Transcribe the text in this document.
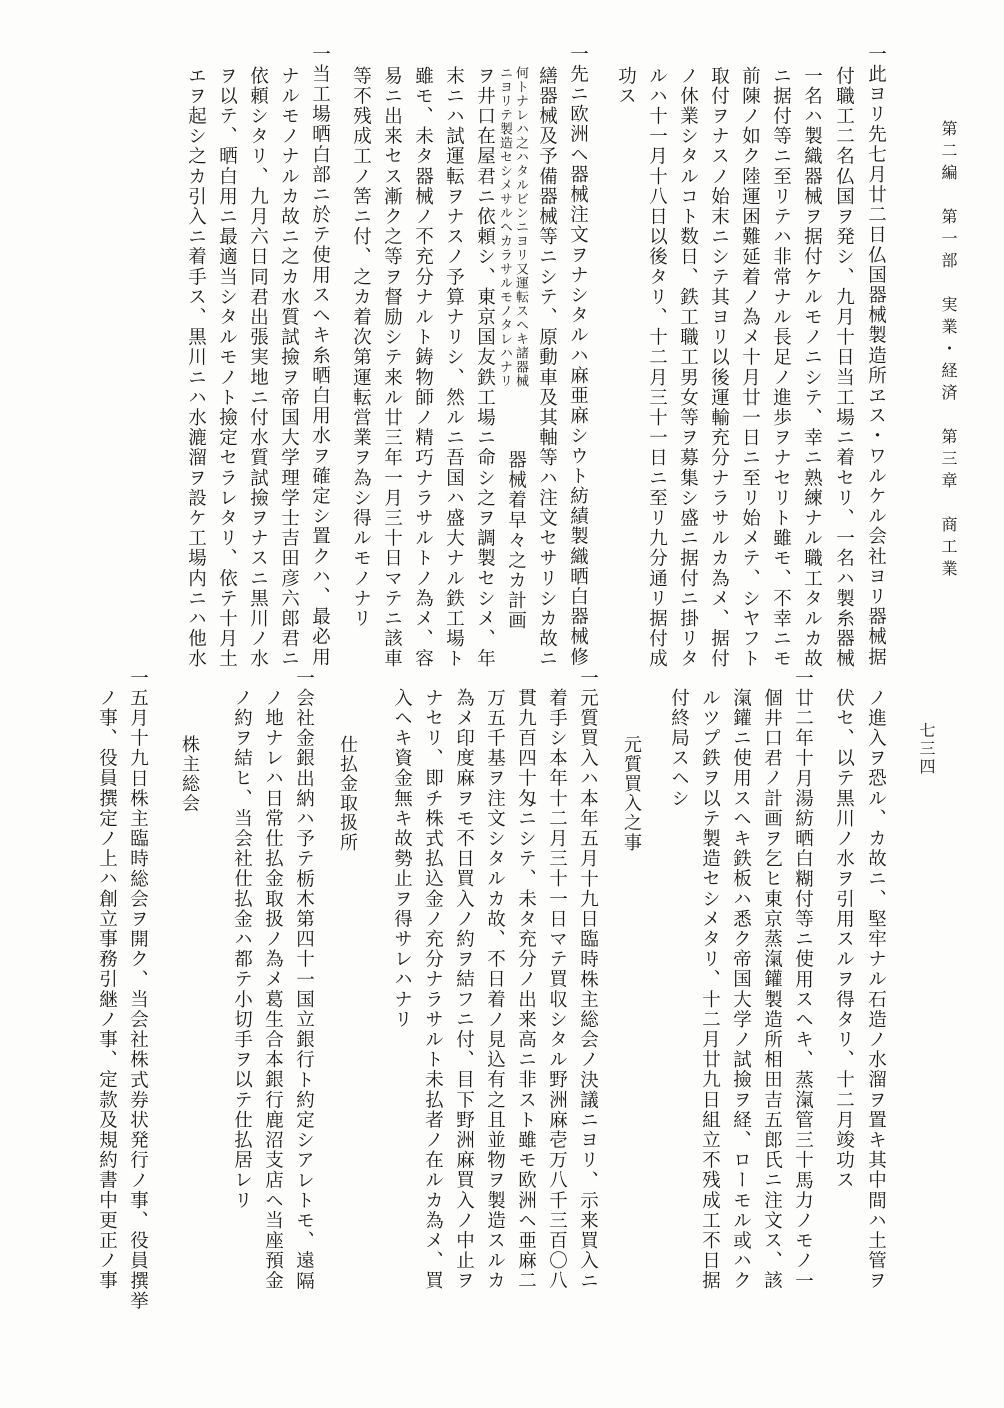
第二編　第一部　実業・経済　第三章　商工業
七三四
一此ヨリ先七月廿二日仏国器械製造所ヱス・ワルケル会社ヨリ器械据
付職工二名仏国ヲ発シ、九月十日当工場ニ着セリ、一名ハ製糸器械
一名ハ製織器械ヲ据付ケルモノニシテ、幸ニ熟練ナル職工タルカ故
ニ据付等ニ至リテハ非常ナル長足ノ進歩ヲナセリト雖モ、不幸ニモ
前陳ノ如ク陸運困難延着ノ為メ十月廿一日ニ至リ始メテ、シヤフト
取付ヲナスノ始末ニシテ其ヨリ以後運輸充分ナラサルカ為メ、据付
ノ休業シタルコト数日、鉄工職工男女等ヲ募集シ盛ニ据付ニ掛リタ
ルハ十一月十八日以後タリ、十二月三十一日ニ至リ九分通リ据付成
功ス
一先ニ欧洲ヘ器械注文ヲナシタルハ麻亜麻シウト紡績製織晒白器械修
繕器械及予備器械等ニシテ、原動車及其軸等ハ注文セサリシカ故ニ
何トナレハ之ハタルビンニヨリ又運転スヘキ諸器械
ニヨリテ製造セシメサルヘカラサルモノタレハナリ
器械着早々之カ計画
ヲ井口在屋君ニ依頼シ、東京国友鉄工場ニ命シ之ヲ調製セシメ、年
末ニハ試運転ヲナスノ予算ナリシ、然ルニ吾国ハ盛大ナル鉄工場ト
雖モ、未タ器械ノ不充分ナルト鋳物師ノ精巧ナラサルトノ為メ、容
易ニ出来セス漸ク之等ヲ督励シテ来ル廿三年一月三十日マテニ該車
等不残成工ノ筈ニ付、之カ着次第運転営業ヲ為シ得ルモノナリ
一当工場晒白部ニ於テ使用スヘキ糸晒白用水ヲ確定シ置クハ、最必用
ナルモノナルカ故ニ之カ水質試撿ヲ帝国大学理学士吉田彦六郎君ニ
依頼シタリ、九月六日同君出張実地ニ付水質試撿ヲナスニ黒川ノ水
ヲ以テ、晒白用ニ最適当シタルモノト撿定セラレタリ、依テ十月土
エヲ起シ之カ引入ニ着手ス、黒川ニハ水漉溜ヲ設ケ工場内ニハ他水
ノ進入ヲ恐ル、カ故ニ、堅牢ナル石造ノ水溜ヲ置キ其中間ハ土管ヲ
伏セ、以テ黒川ノ水ヲ引用スルヲ得タリ、十二月竣功ス
一廿二年十月湯紡晒白糊付等ニ使用スヘキ、蒸滊管三十馬力ノモノ一
個井口君ノ計画ヲ乞ヒ東京蒸滊鑵製造所相田吉五郎氏ニ注文ス、該
滊鑵ニ使用スヘキ鉄板ハ悉ク帝国大学ノ試撿ヲ経、ローモル或ハク
ルツプ鉄ヲ以テ製造セシメタリ、十二月廿九日組立不残成工不日据
付終局スヘシ
元質買入之事
一元質買入ハ本年五月十九日臨時株主総会ノ決議ニヨリ、示来買入ニ
着手シ本年十二月三十一日マテ買収シタル野洲麻壱万八千三百〇八
貫九百四十匁ニシテ、未タ充分ノ出来高ニ非スト雖モ欧洲ヘ亜麻二
万五千基ヲ注文シタルカ故、不日着ノ見込有之且並物ヲ製造スルカ
為メ印度麻ヲモ不日買入ノ約ヲ結フニ付、目下野洲麻買入ノ中止ヲ
ナセリ、即チ株式払込金ノ充分ナラサルト未払者ノ在ルカ為メ、買
入ヘキ資金無キ故勢止ヲ得サレハナリ
仕払金取扱所
一会社金銀出納ハ予テ栃木第四十一国立銀行ト約定シアレトモ、遠隔
ノ地ナレハ日常仕払金取扱ノ為メ葛生合本銀行鹿沼支店ヘ当座預金
ノ約ヲ結ヒ、当会社仕払金ハ都テ小切手ヲ以テ仕払居レリ
株主総会
一五月十九日株主臨時総会ヲ開ク、当会社株式券状発行ノ事、役員撰挙
ノ事、役員撰定ノ上ハ創立事務引継ノ事、定款及規約書中更正ノ事
